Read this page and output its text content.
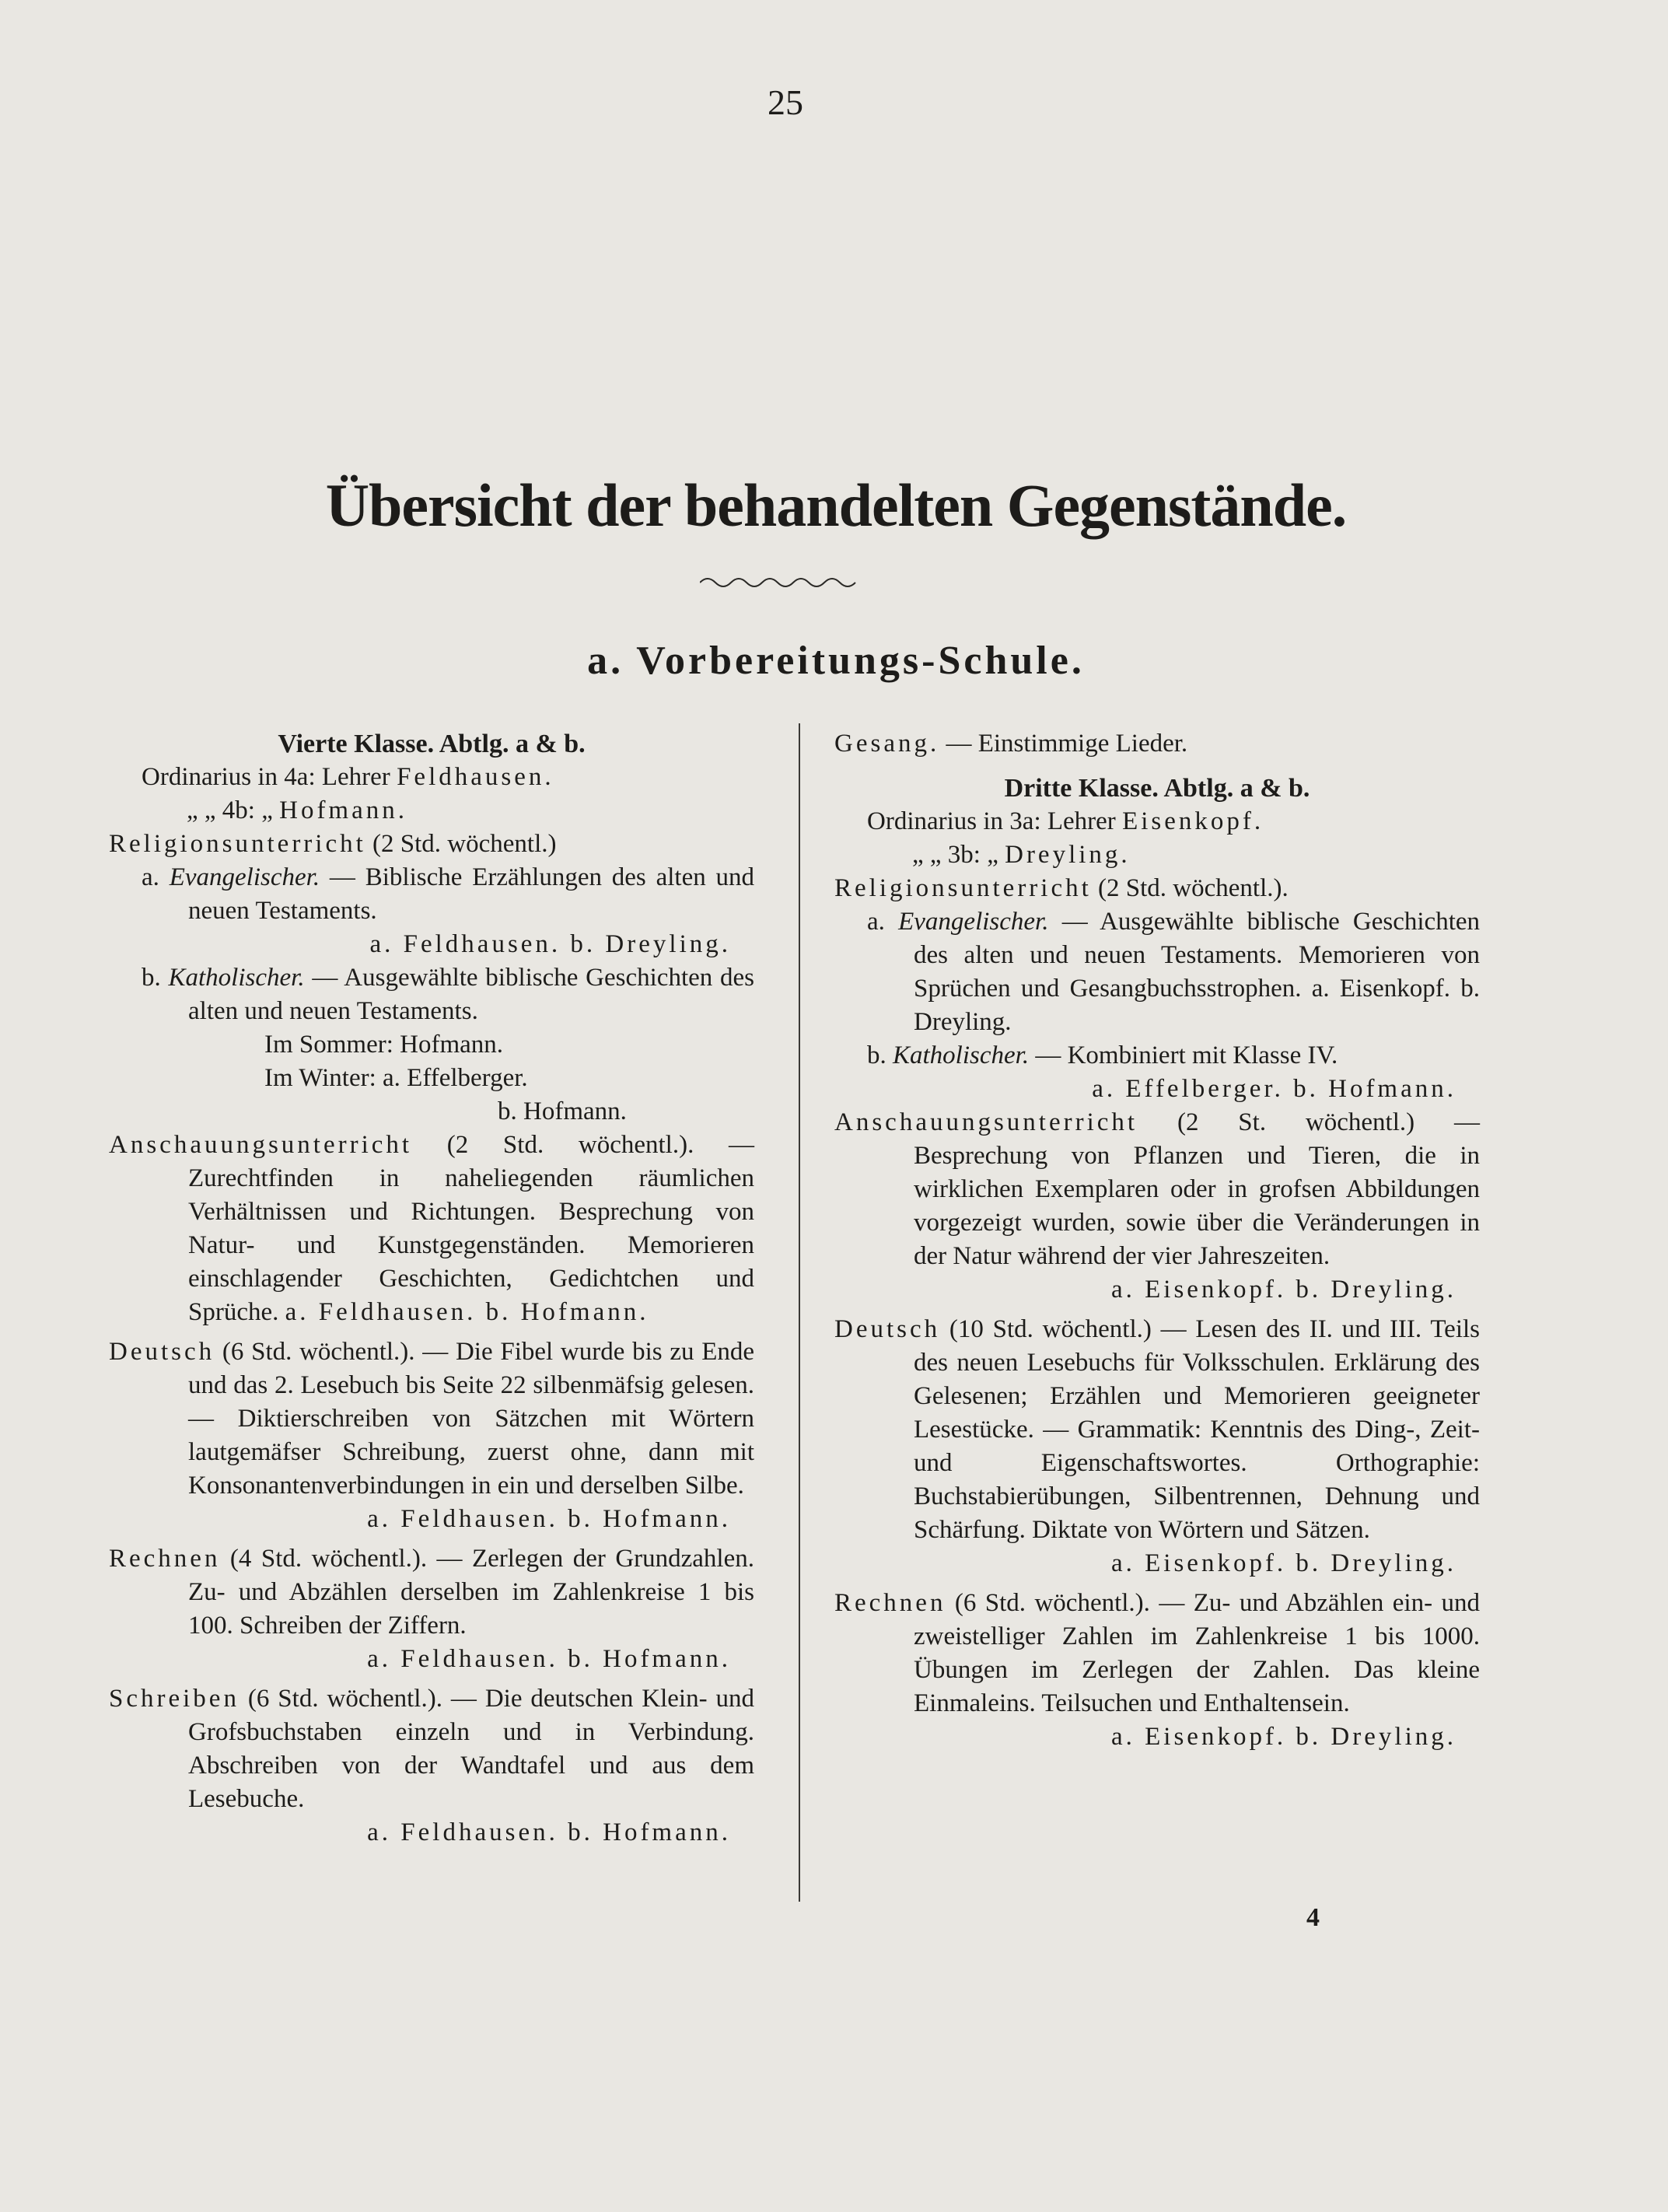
25
Übersicht der behandelten Gegenstände.
a. Vorbereitungs-Schule.
Vierte Klasse. Abtlg. a & b.
Ordinarius in 4a: Lehrer Feldhausen.
„ „ 4b: „ Hofmann.
Religionsunterricht (2 Std. wöchentl.)
a. Evangelischer. — Biblische Erzählungen des alten und neuen Testaments.
a. Feldhausen. b. Dreyling.
b. Katholischer. — Ausgewählte biblische Geschichten des alten und neuen Testaments.
Im Sommer: Hofmann.
Im Winter: a. Effelberger.
b. Hofmann.
Anschauungsunterricht (2 Std. wöchentl.). — Zurechtfinden in naheliegenden räumlichen Verhältnissen und Richtungen. Besprechung von Natur- und Kunstgegenständen. Memorieren einschlagender Geschichten, Gedichtchen und Sprüche. a. Feldhausen. b. Hofmann.
Deutsch (6 Std. wöchentl.). — Die Fibel wurde bis zu Ende und das 2. Lesebuch bis Seite 22 silbenmäfsig gelesen. — Diktierschreiben von Sätzchen mit Wörtern lautgemäfser Schreibung, zuerst ohne, dann mit Konsonantenverbindungen in ein und derselben Silbe.
a. Feldhausen. b. Hofmann.
Rechnen (4 Std. wöchentl.). — Zerlegen der Grundzahlen. Zu- und Abzählen derselben im Zahlenkreise 1 bis 100. Schreiben der Ziffern.
a. Feldhausen. b. Hofmann.
Schreiben (6 Std. wöchentl.). — Die deutschen Klein- und Grofsbuchstaben einzeln und in Verbindung. Abschreiben von der Wandtafel und aus dem Lesebuche.
a. Feldhausen. b. Hofmann.
Gesang. — Einstimmige Lieder.
Dritte Klasse. Abtlg. a & b.
Ordinarius in 3a: Lehrer Eisenkopf.
„ „ 3b: „ Dreyling.
Religionsunterricht (2 Std. wöchentl.).
a. Evangelischer. — Ausgewählte biblische Geschichten des alten und neuen Testaments. Memorieren von Sprüchen und Gesangbuchsstrophen. a. Eisenkopf. b. Dreyling.
b. Katholischer. — Kombiniert mit Klasse IV.
a. Effelberger. b. Hofmann.
Anschauungsunterricht (2 St. wöchentl.) — Besprechung von Pflanzen und Tieren, die in wirklichen Exemplaren oder in grofsen Abbildungen vorgezeigt wurden, sowie über die Veränderungen in der Natur während der vier Jahreszeiten.
a. Eisenkopf. b. Dreyling.
Deutsch (10 Std. wöchentl.) — Lesen des II. und III. Teils des neuen Lesebuchs für Volksschulen. Erklärung des Gelesenen; Erzählen und Memorieren geeigneter Lesestücke. — Grammatik: Kenntnis des Ding-, Zeit- und Eigenschaftswortes. Orthographie: Buchstabierübungen, Silbentrennen, Dehnung und Schärfung. Diktate von Wörtern und Sätzen.
a. Eisenkopf. b. Dreyling.
Rechnen (6 Std. wöchentl.). — Zu- und Abzählen ein- und zweistelliger Zahlen im Zahlenkreise 1 bis 1000. Übungen im Zerlegen der Zahlen. Das kleine Einmaleins. Teilsuchen und Enthaltensein.
a. Eisenkopf. b. Dreyling.
4
